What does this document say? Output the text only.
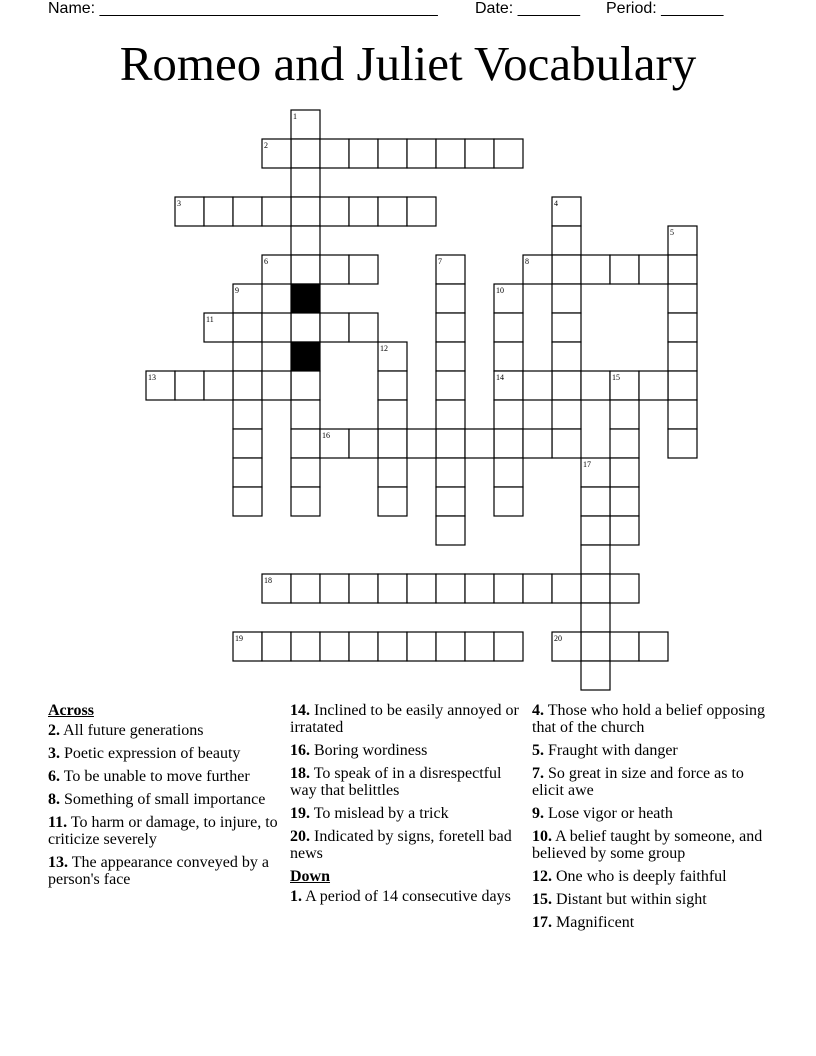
Name: ______________________________________ Date: _______ Period: _______
Romeo and Juliet Vocabulary
1
2
3	4
5
6	7	8
9	10
11
12
13	14	15
16
17
18
19	20
Across
2. All future generations
3. Poetic expression of beauty
6. To be unable to move further
8. Something of small importance
11. To harm or damage, to injure, to criticize severely
13. The appearance conveyed by a person's face
14. Inclined to be easily annoyed or irratated
16. Boring wordiness
18. To speak of in a disrespectful way that belittles
19. To mislead by a trick
20. Indicated by signs, foretell bad news
Down
1. A period of 14 consecutive days
4. Those who hold a belief opposing that of the church
5. Fraught with danger
7. So great in size and force as to elicit awe
9. Lose vigor or heath
10. A belief taught by someone, and believed by some group
12. One who is deeply faithful
15. Distant but within sight
17. Magnificent
